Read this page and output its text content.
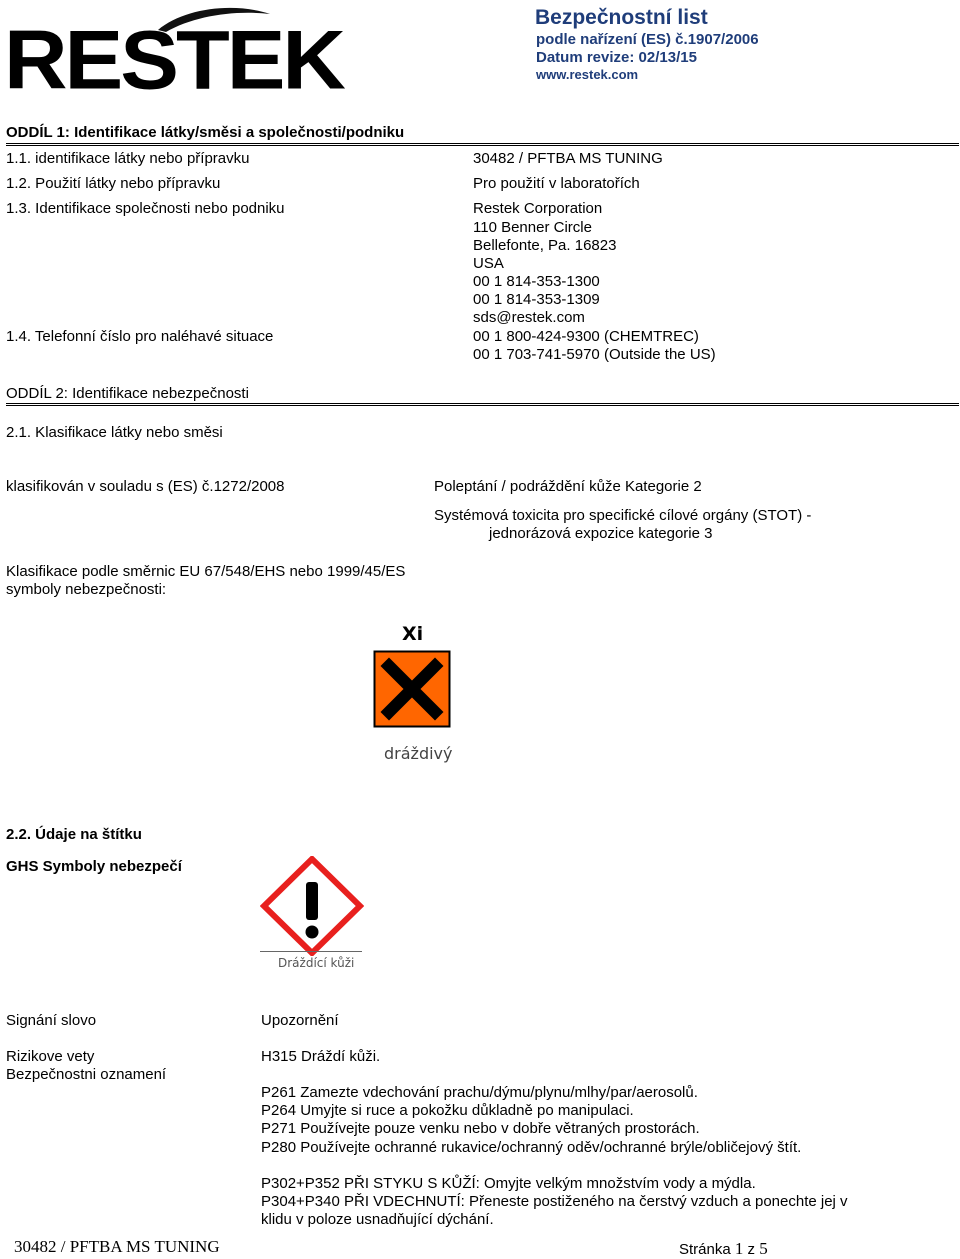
RESTEK	Bezpečnostní list
podle nařízení (ES) č.1907/2006
Datum revize: 02/13/15
www.restek.com
ODDÍL 1: Identifikace látky/směsi a společnosti/podniku
1.1. identifikace látky nebo přípravku	30482 / PFTBA MS TUNING
1.2. Použití látky nebo přípravku	Pro použití v laboratořích
1.3. Identifikace společnosti nebo podniku	Restek Corporation
110 Benner Circle
Bellefonte, Pa. 16823
USA
00 1 814-353-1300
00 1 814-353-1309
sds@restek.com
1.4. Telefonní číslo pro naléhavé situace	00 1 800-424-9300 (CHEMTREC)
00 1 703-741-5970 (Outside the US)
ODDÍL 2: Identifikace nebezpečnosti
2.1. Klasifikace látky nebo směsi
klasifikován v souladu s (ES) č.1272/2008	Poleptání / podráždění kůže Kategorie 2
Systémová toxicita pro specifické cílové orgány (STOT) -
jednorázová expozice kategorie 3
Klasifikace podle směrnic EU 67/548/EHS nebo 1999/45/ES
symboly nebezpečnosti:
Xi
dráždivý
2.2. Údaje na štítku
GHS Symboly nebezpečí
Dráždící kůži
Signání slovo	Upozornění
Rizikove vety	H315 Dráždí kůži.
Bezpečnostni oznamení
P261 Zamezte vdechování prachu/dýmu/plynu/mlhy/par/aerosolů.
P264 Umyjte si ruce a pokožku důkladně po manipulaci.
P271 Používejte pouze venku nebo v dobře větraných prostorách.
P280 Používejte ochranné rukavice/ochranný oděv/ochranné brýle/obličejový štít.
P302+P352 PŘI STYKU S KŮŽÍ: Omyjte velkým množstvím vody a mýdla.
P304+P340 PŘI VDECHNUTÍ: Přeneste postiženého na čerstvý vzduch a ponechte jej v
klidu v poloze usnadňující dýchání.
30482 / PFTBA MS TUNING	Stránka 1 z 5
